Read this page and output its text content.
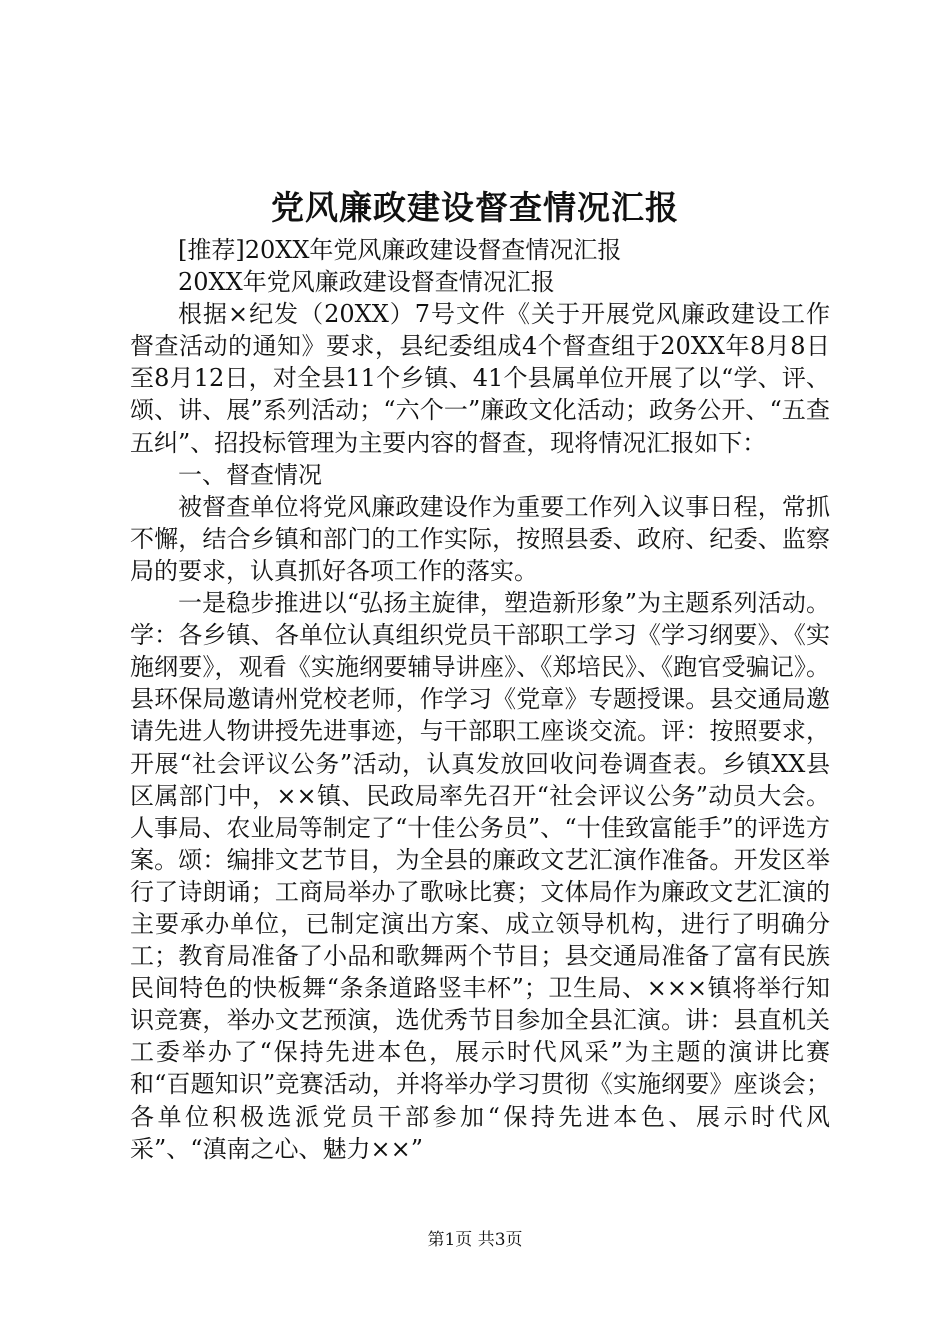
党风廉政建设督查情况汇报

[推荐]20XX年党风廉政建设督查情况汇报

20XX年党风廉政建设督查情况汇报

根据×纪发（20XX）7号文件《关于开展党风廉政建设工作督查活动的通知》要求，县纪委组成4个督查组于20XX年8月8日至8月12日，对全县11个乡镇、41个县属单位开展了以“学、评、颂、讲、展”系列活动；“六个一”廉政文化活动；政务公开、“五查五纠”、招投标管理为主要内容的督查，现将情况汇报如下：

一、督查情况

被督查单位将党风廉政建设作为重要工作列入议事日程，常抓不懈，结合乡镇和部门的工作实际，按照县委、政府、纪委、监察局的要求，认真抓好各项工作的落实。

一是稳步推进以“弘扬主旋律，塑造新形象”为主题系列活动。学：各乡镇、各单位认真组织党员干部职工学习《学习纲要》、《实施纲要》，观看《实施纲要辅导讲座》、《郑培民》、《跑官受骗记》。县环保局邀请州党校老师，作学习《党章》专题授课。县交通局邀请先进人物讲授先进事迹，与干部职工座谈交流。评：按照要求，开展“社会评议公务”活动，认真发放回收问卷调查表。乡镇XX县区属部门中，××镇、民政局率先召开“社会评议公务”动员大会。人事局、农业局等制定了“十佳公务员”、“十佳致富能手”的评选方案。颂：编排文艺节目，为全县的廉政文艺汇演作准备。开发区举行了诗朗诵；工商局举办了歌咏比赛；文体局作为廉政文艺汇演的主要承办单位，已制定演出方案、成立领导机构，进行了明确分工；教育局准备了小品和歌舞两个节目；县交通局准备了富有民族民间特色的快板舞“条条道路竖丰杯”；卫生局、×××镇将举行知识竞赛，举办文艺预演，选优秀节目参加全县汇演。讲：县直机关工委举办了“保持先进本色，展示时代风采”为主题的演讲比赛和“百题知识”竞赛活动，并将举办学习贯彻《实施纲要》座谈会；各单位积极选派党员干部参加“保持先进本色、展示时代风采”、“滇南之心、魅力××”

第1页 共3页
